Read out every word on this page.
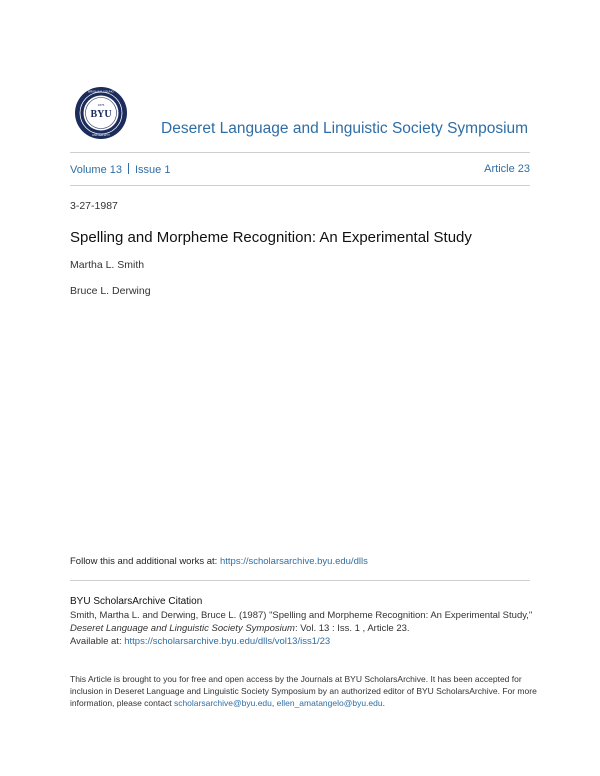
BYU
1875
BRIGHAM YOUNG
UNIVERSITY	Deseret Language and Linguistic Society Symposium
Volume 13 Issue 1	Article 23
3-27-1987
Spelling and Morpheme Recognition: An Experimental Study
Martha L. Smith
Bruce L. Derwing
Follow this and additional works at: https://scholarsarchive.byu.edu/dlls
BYU ScholarsArchive Citation
Smith, Martha L. and Derwing, Bruce L. (1987) "Spelling and Morpheme Recognition: An Experimental Study," Deseret Language and Linguistic Society Symposium: Vol. 13 : Iss. 1 , Article 23.
Available at: https://scholarsarchive.byu.edu/dlls/vol13/iss1/23
This Article is brought to you for free and open access by the Journals at BYU ScholarsArchive. It has been accepted for inclusion in Deseret Language and Linguistic Society Symposium by an authorized editor of BYU ScholarsArchive. For more information, please contact scholarsarchive@byu.edu, ellen_amatangelo@byu.edu.
